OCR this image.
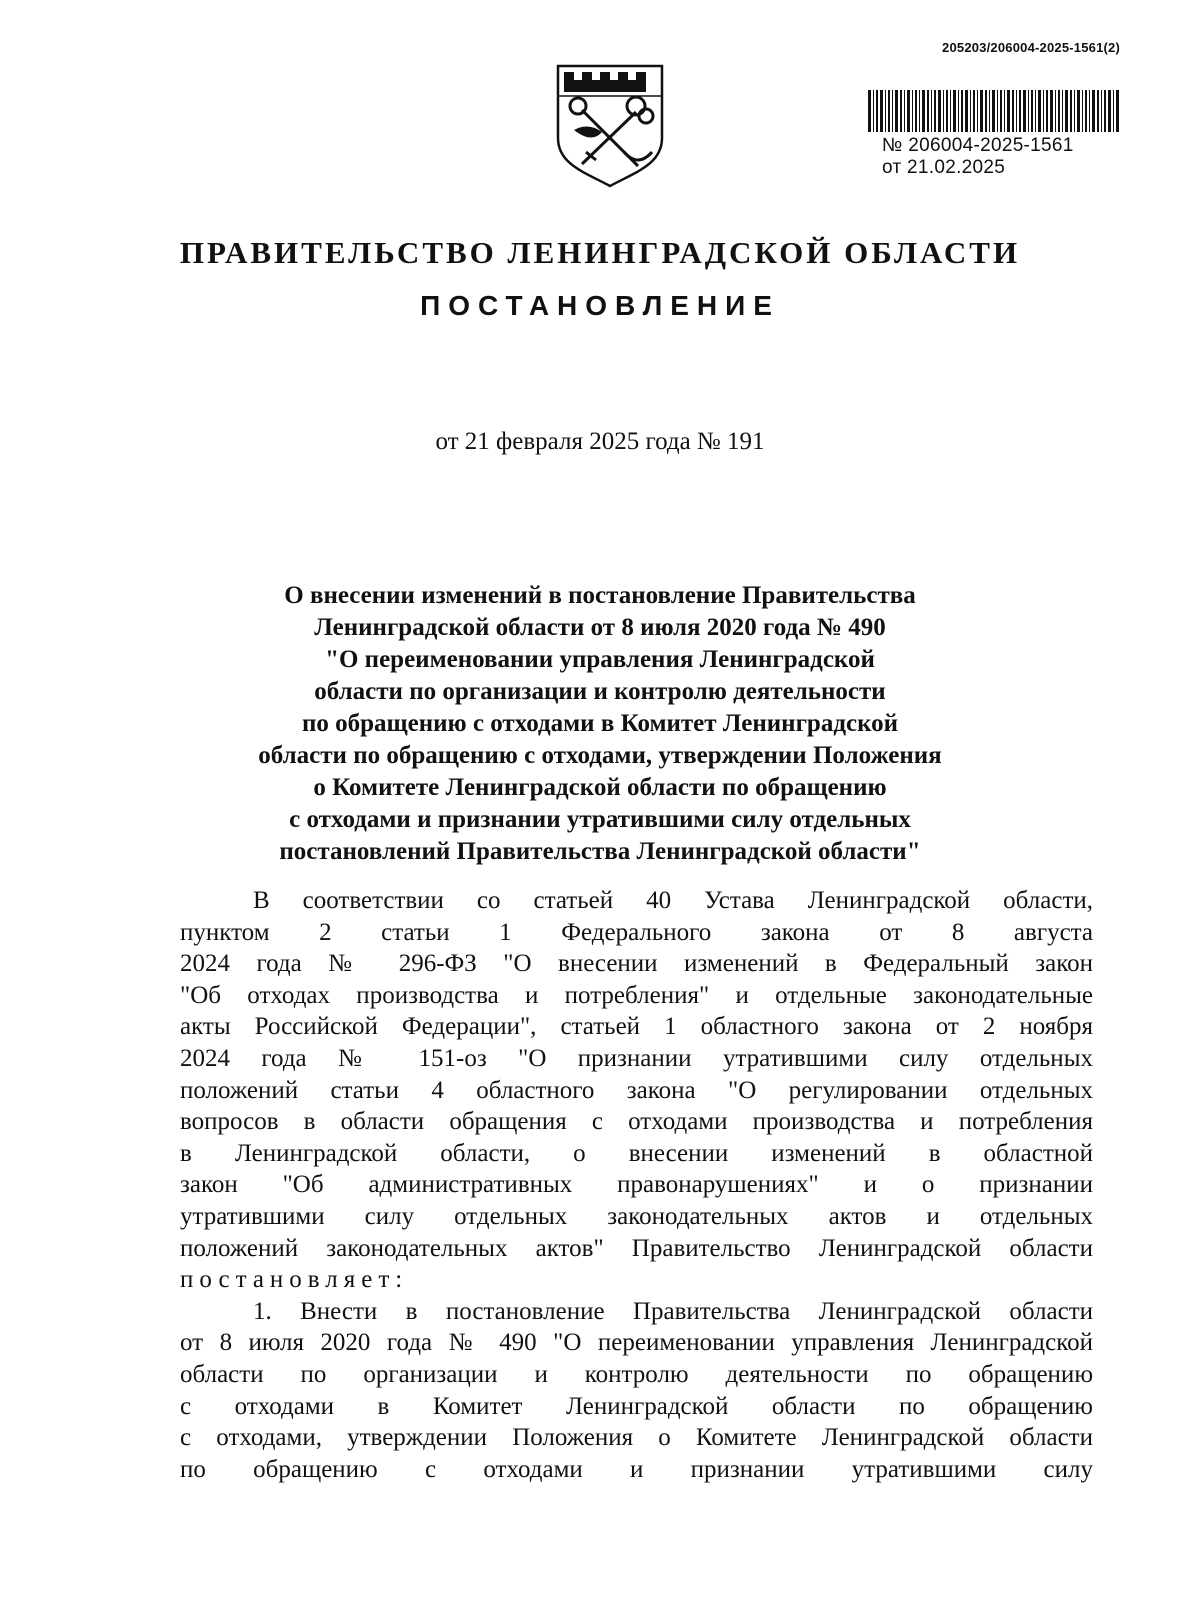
205203/206004-2025-1561(2)
№ 206004-2025-1561
от 21.02.2025
ПРАВИТЕЛЬСТВО ЛЕНИНГРАДСКОЙ ОБЛАСТИ
ПОСТАНОВЛЕНИЕ
от 21 февраля 2025 года № 191

О внесении изменений в постановление Правительства
Ленинградской области от 8 июля 2020 года № 490
"О переименовании управления Ленинградской
области по организации и контролю деятельности
по обращению с отходами в Комитет Ленинградской
области по обращению с отходами, утверждении Положения
о Комитете Ленинградской области по обращению
с отходами и признании утратившими силу отдельных
постановлений Правительства Ленинградской области"

В соответствии со статьей 40 Устава Ленинградской области,
пунктом 2 статьи 1 Федерального закона от 8 августа
2024 года № 296-ФЗ "О внесении изменений в Федеральный закон
"Об отходах производства и потребления" и отдельные законодательные
акты Российской Федерации", статьей 1 областного закона от 2 ноября
2024 года № 151-оз "О признании утратившими силу отдельных
положений статьи 4 областного закона "О регулировании отдельных
вопросов в области обращения с отходами производства и потребления
в Ленинградской области, о внесении изменений в областной
закон "Об административных правонарушениях" и о признании
утратившими силу отдельных законодательных актов и отдельных
положений законодательных актов" Правительство Ленинградской области
постановляет:
1. Внести в постановление Правительства Ленинградской области
от 8 июля 2020 года № 490 "О переименовании управления Ленинградской
области по организации и контролю деятельности по обращению
с отходами в Комитет Ленинградской области по обращению
с отходами, утверждении Положения о Комитете Ленинградской области
по обращению с отходами и признании утратившими силу
